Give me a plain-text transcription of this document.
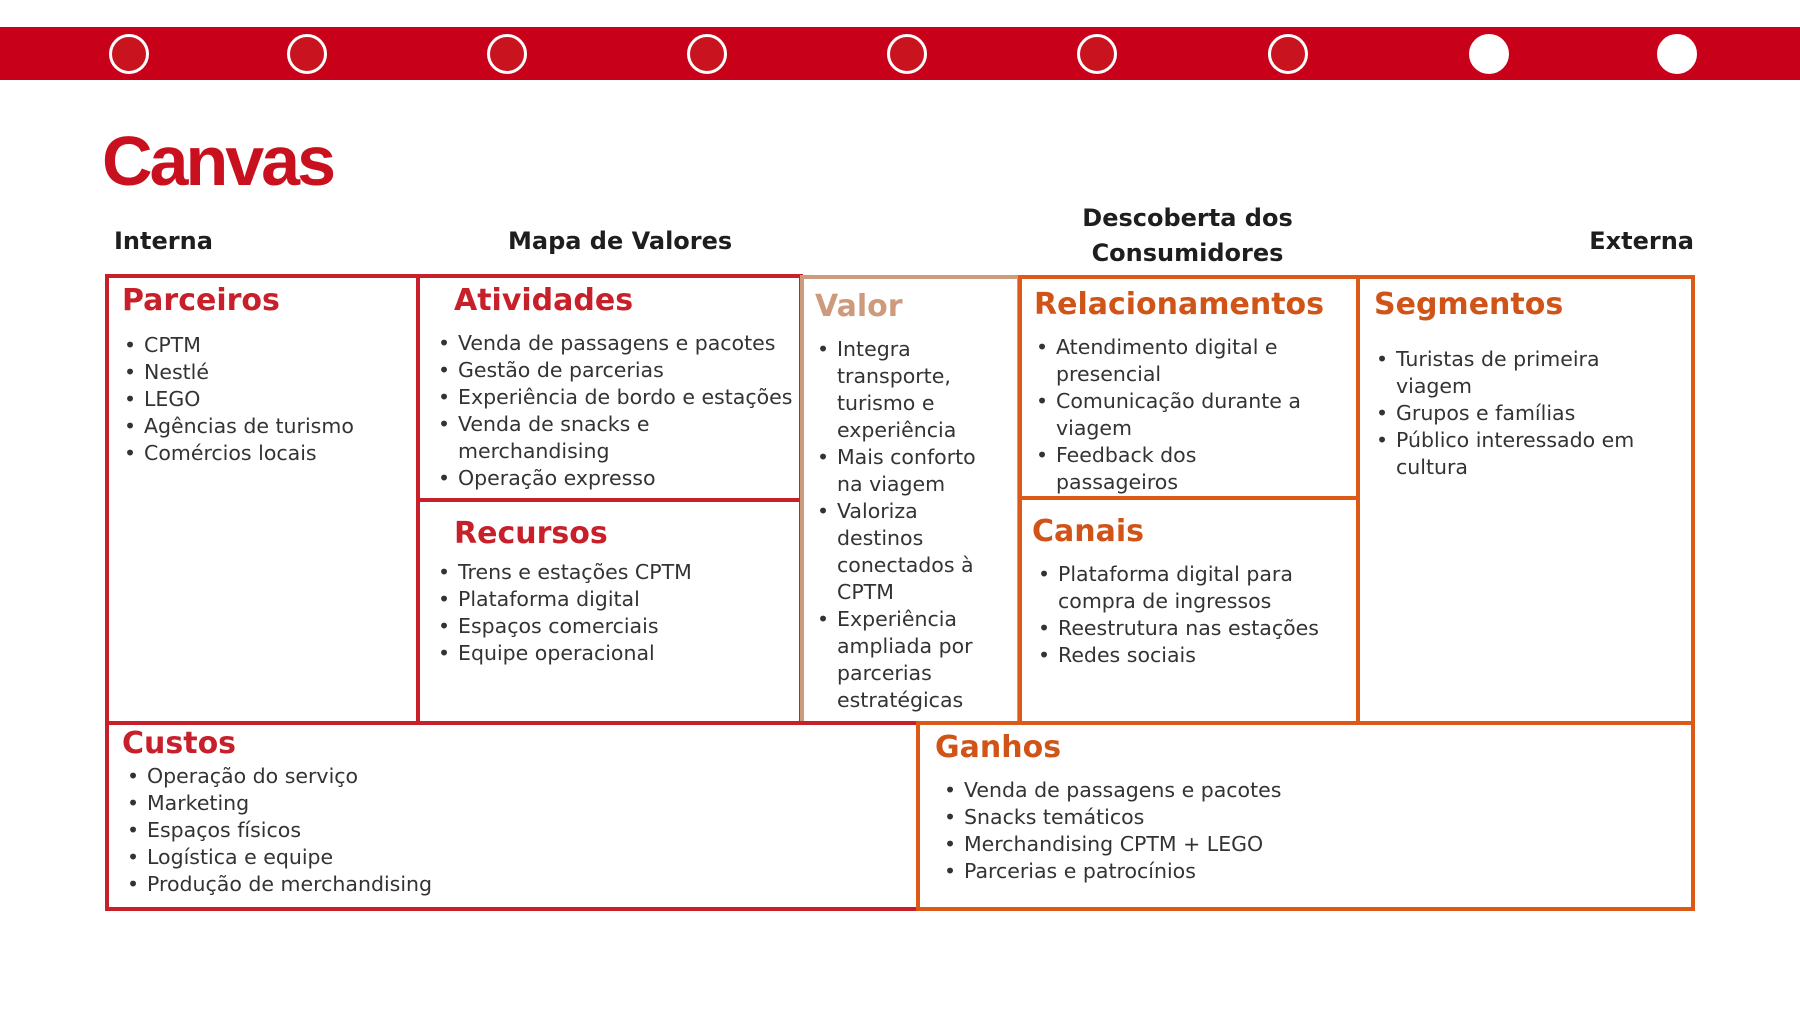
Canvas
Interna	Mapa de Valores
Descoberta dos
Consumidores	Externa
Parceiros
• CPTM
• Nestlé
• LEGO
• Agências de turismo
• Comércios locais
Atividades
• Venda de passagens e pacotes
• Gestão de parcerias
• Experiência de bordo e estações
• Venda de snacks e merchandising
• Operação expresso
Recursos
• Trens e estações CPTM
• Plataforma digital
• Espaços comerciais
• Equipe operacional
Valor
• Integra transporte, turismo e experiência
• Mais conforto na viagem
• Valoriza destinos conectados à CPTM
• Experiência ampliada por parcerias estratégicas
Relacionamentos
• Atendimento digital e presencial
• Comunicação durante a viagem
• Feedback dos passageiros
Canais
• Plataforma digital para compra de ingressos
• Reestrutura nas estações
• Redes sociais
Segmentos
• Turistas de primeira viagem
• Grupos e famílias
• Público interessado em cultura
Custos
• Operação do serviço
• Marketing
• Espaços físicos
• Logística e equipe
• Produção de merchandising
Ganhos
• Venda de passagens e pacotes
• Snacks temáticos
• Merchandising CPTM + LEGO
• Parcerias e patrocínios
